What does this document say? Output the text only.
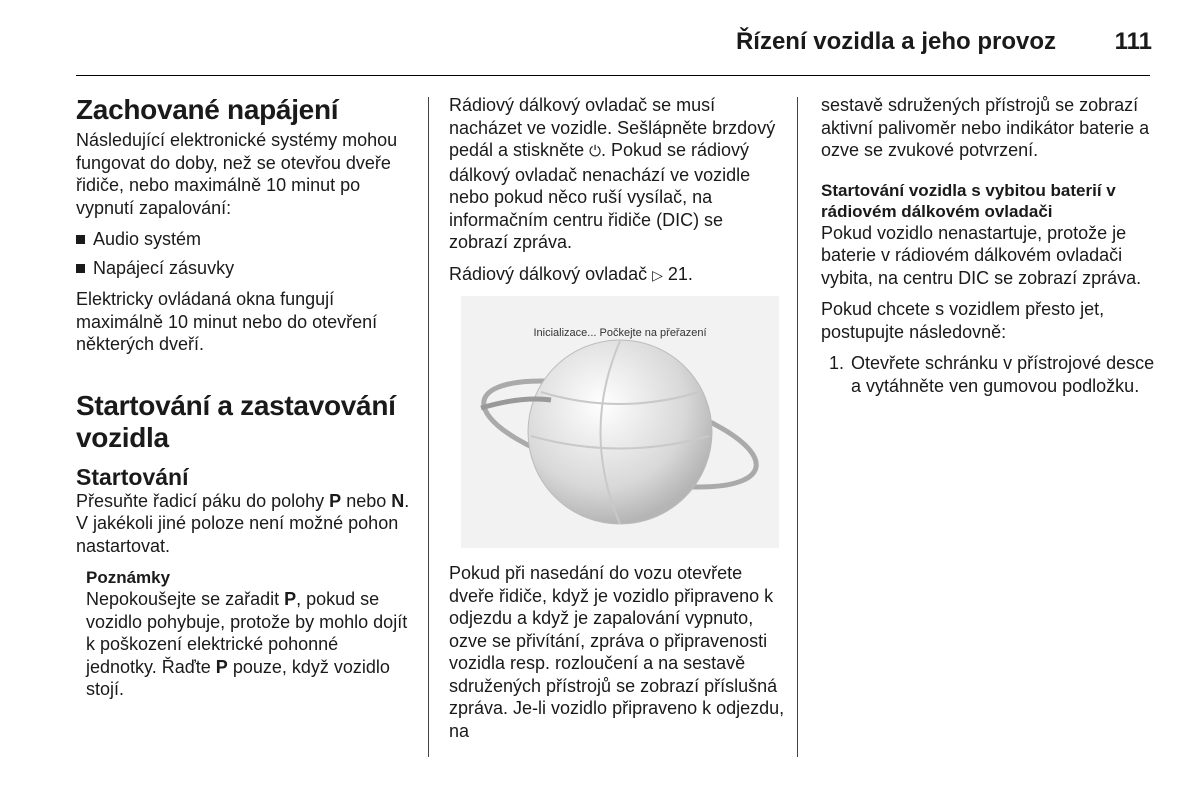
Řízení vozidla a jeho provoz 111
Zachované napájení

Následující elektronické systémy mohou fungovat do doby, než se otevřou dveře řidiče, nebo maximálně 10 minut po vypnutí zapalování:

Audio systém
Napájecí zásuvky

Elektricky ovládaná okna fungují maximálně 10 minut nebo do otevření některých dveří.

Startování a zastavování vozidla
Startování

Přesuňte řadicí páku do polohy P nebo N. V jakékoli jiné poloze není možné pohon nastartovat.

Poznámky

Nepokoušejte se zařadit P, pokud se vozidlo pohybuje, protože by mohlo dojít k poškození elektrické pohonné jednotky. Řaďte P pouze, když vozidlo stojí.

Rádiový dálkový ovladač se musí nacházet ve vozidle. Sešlápněte brzdový pedál a stiskněte ⏻. Pokud se rádiový dálkový ovladač nenachází ve vozidle nebo pokud něco ruší vysílač, na informačním centru řidiče (DIC) se zobrazí zpráva.

Rádiový dálkový ovladač ▷ 21.

Inicializace... Počkejte na přeřazení

Pokud při nasedání do vozu otevřete dveře řidiče, když je vozidlo připraveno k odjezdu a když je zapalování vypnuto, ozve se přivítání, zpráva o připravenosti vozidla resp. rozloučení a na sestavě sdružených přístrojů se zobrazí příslušná zpráva. Je-li vozidlo připraveno k odjezdu, na

sestavě sdružených přístrojů se zobrazí aktivní palivoměr nebo indikátor baterie a ozve se zvukové potvrzení.

Startování vozidla s vybitou baterií v rádiovém dálkovém ovladači

Pokud vozidlo nenastartuje, protože je baterie v rádiovém dálkovém ovladači vybita, na centru DIC se zobrazí zpráva.

Pokud chcete s vozidlem přesto jet, postupujte následovně:

1. Otevřete schránku v přístrojové desce a vytáhněte ven gumovou podložku.
